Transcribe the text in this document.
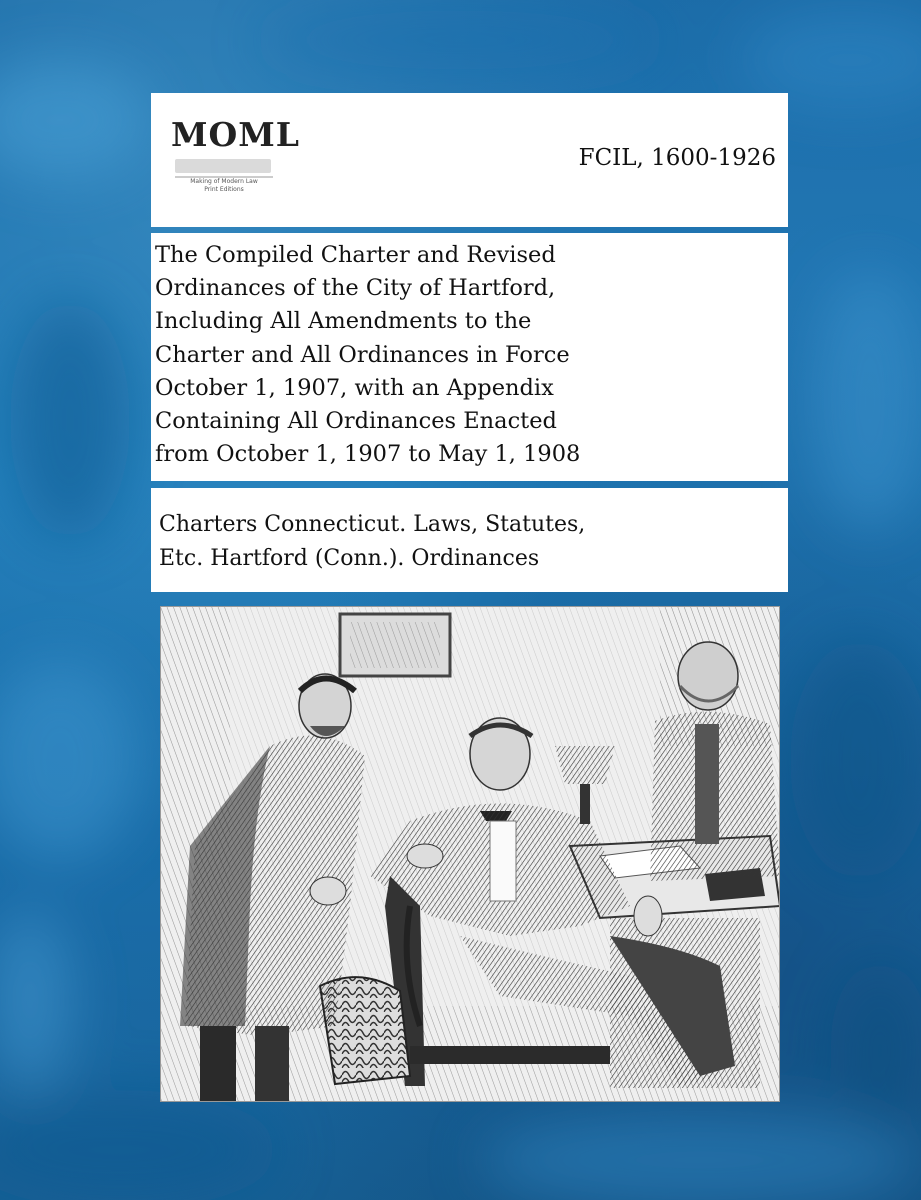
MOML
Making of Modern Law
Print Editions
FCIL, 1600-1926

The Compiled Charter and Revised
Ordinances of the City of Hartford,
Including All Amendments to the
Charter and All Ordinances in Force
October 1, 1907, with an Appendix
Containing All Ordinances Enacted
from October 1, 1907 to May 1, 1908

Charters Connecticut. Laws, Statutes,
Etc. Hartford (Conn.). Ordinances
